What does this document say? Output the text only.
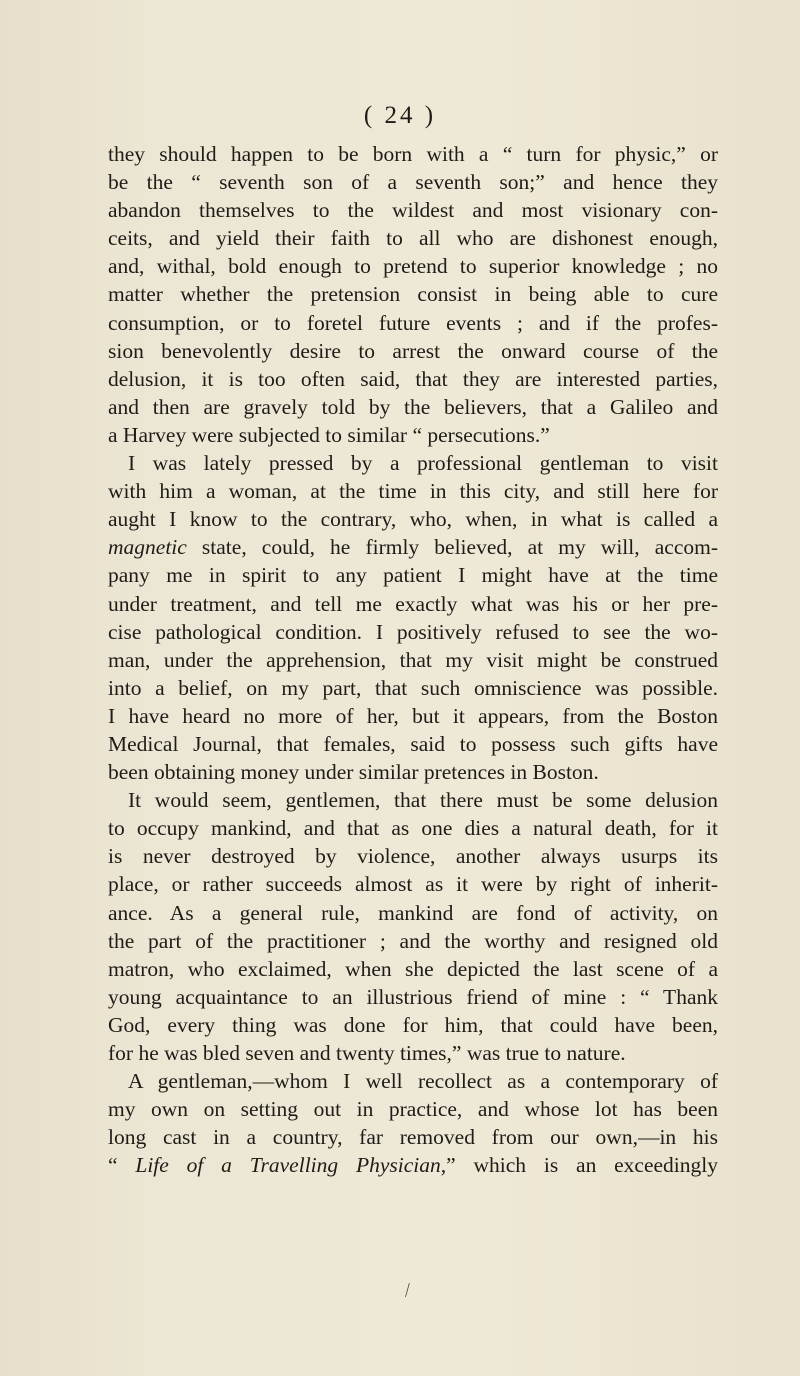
( 24 )
they should happen to be born with a “ turn for physic,” or
be the “ seventh son of a seventh son;” and hence they
abandon themselves to the wildest and most visionary con-
ceits, and yield their faith to all who are dishonest enough,
and, withal, bold enough to pretend to superior knowledge ; no
matter whether the pretension consist in being able to cure
consumption, or to foretel future events ; and if the profes-
sion benevolently desire to arrest the onward course of the
delusion, it is too often said, that they are interested parties,
and then are gravely told by the believers, that a Galileo and
a Harvey were subjected to similar “ persecutions.”
I was lately pressed by a professional gentleman to visit
with him a woman, at the time in this city, and still here for
aught I know to the contrary, who, when, in what is called a
magnetic state, could, he firmly believed, at my will, accom-
pany me in spirit to any patient I might have at the time
under treatment, and tell me exactly what was his or her pre-
cise pathological condition. I positively refused to see the wo-
man, under the apprehension, that my visit might be construed
into a belief, on my part, that such omniscience was possible.
I have heard no more of her, but it appears, from the Boston
Medical Journal, that females, said to possess such gifts have
been obtaining money under similar pretences in Boston.
It would seem, gentlemen, that there must be some delusion
to occupy mankind, and that as one dies a natural death, for it
is never destroyed by violence, another always usurps its
place, or rather succeeds almost as it were by right of inherit-
ance. As a general rule, mankind are fond of activity, on
the part of the practitioner ; and the worthy and resigned old
matron, who exclaimed, when she depicted the last scene of a
young acquaintance to an illustrious friend of mine : “ Thank
God, every thing was done for him, that could have been,
for he was bled seven and twenty times,” was true to nature.
A gentleman,—whom I well recollect as a contemporary of
my own on setting out in practice, and whose lot has been
long cast in a country, far removed from our own,—in his
“ Life of a Travelling Physician,” which is an exceedingly
∕
